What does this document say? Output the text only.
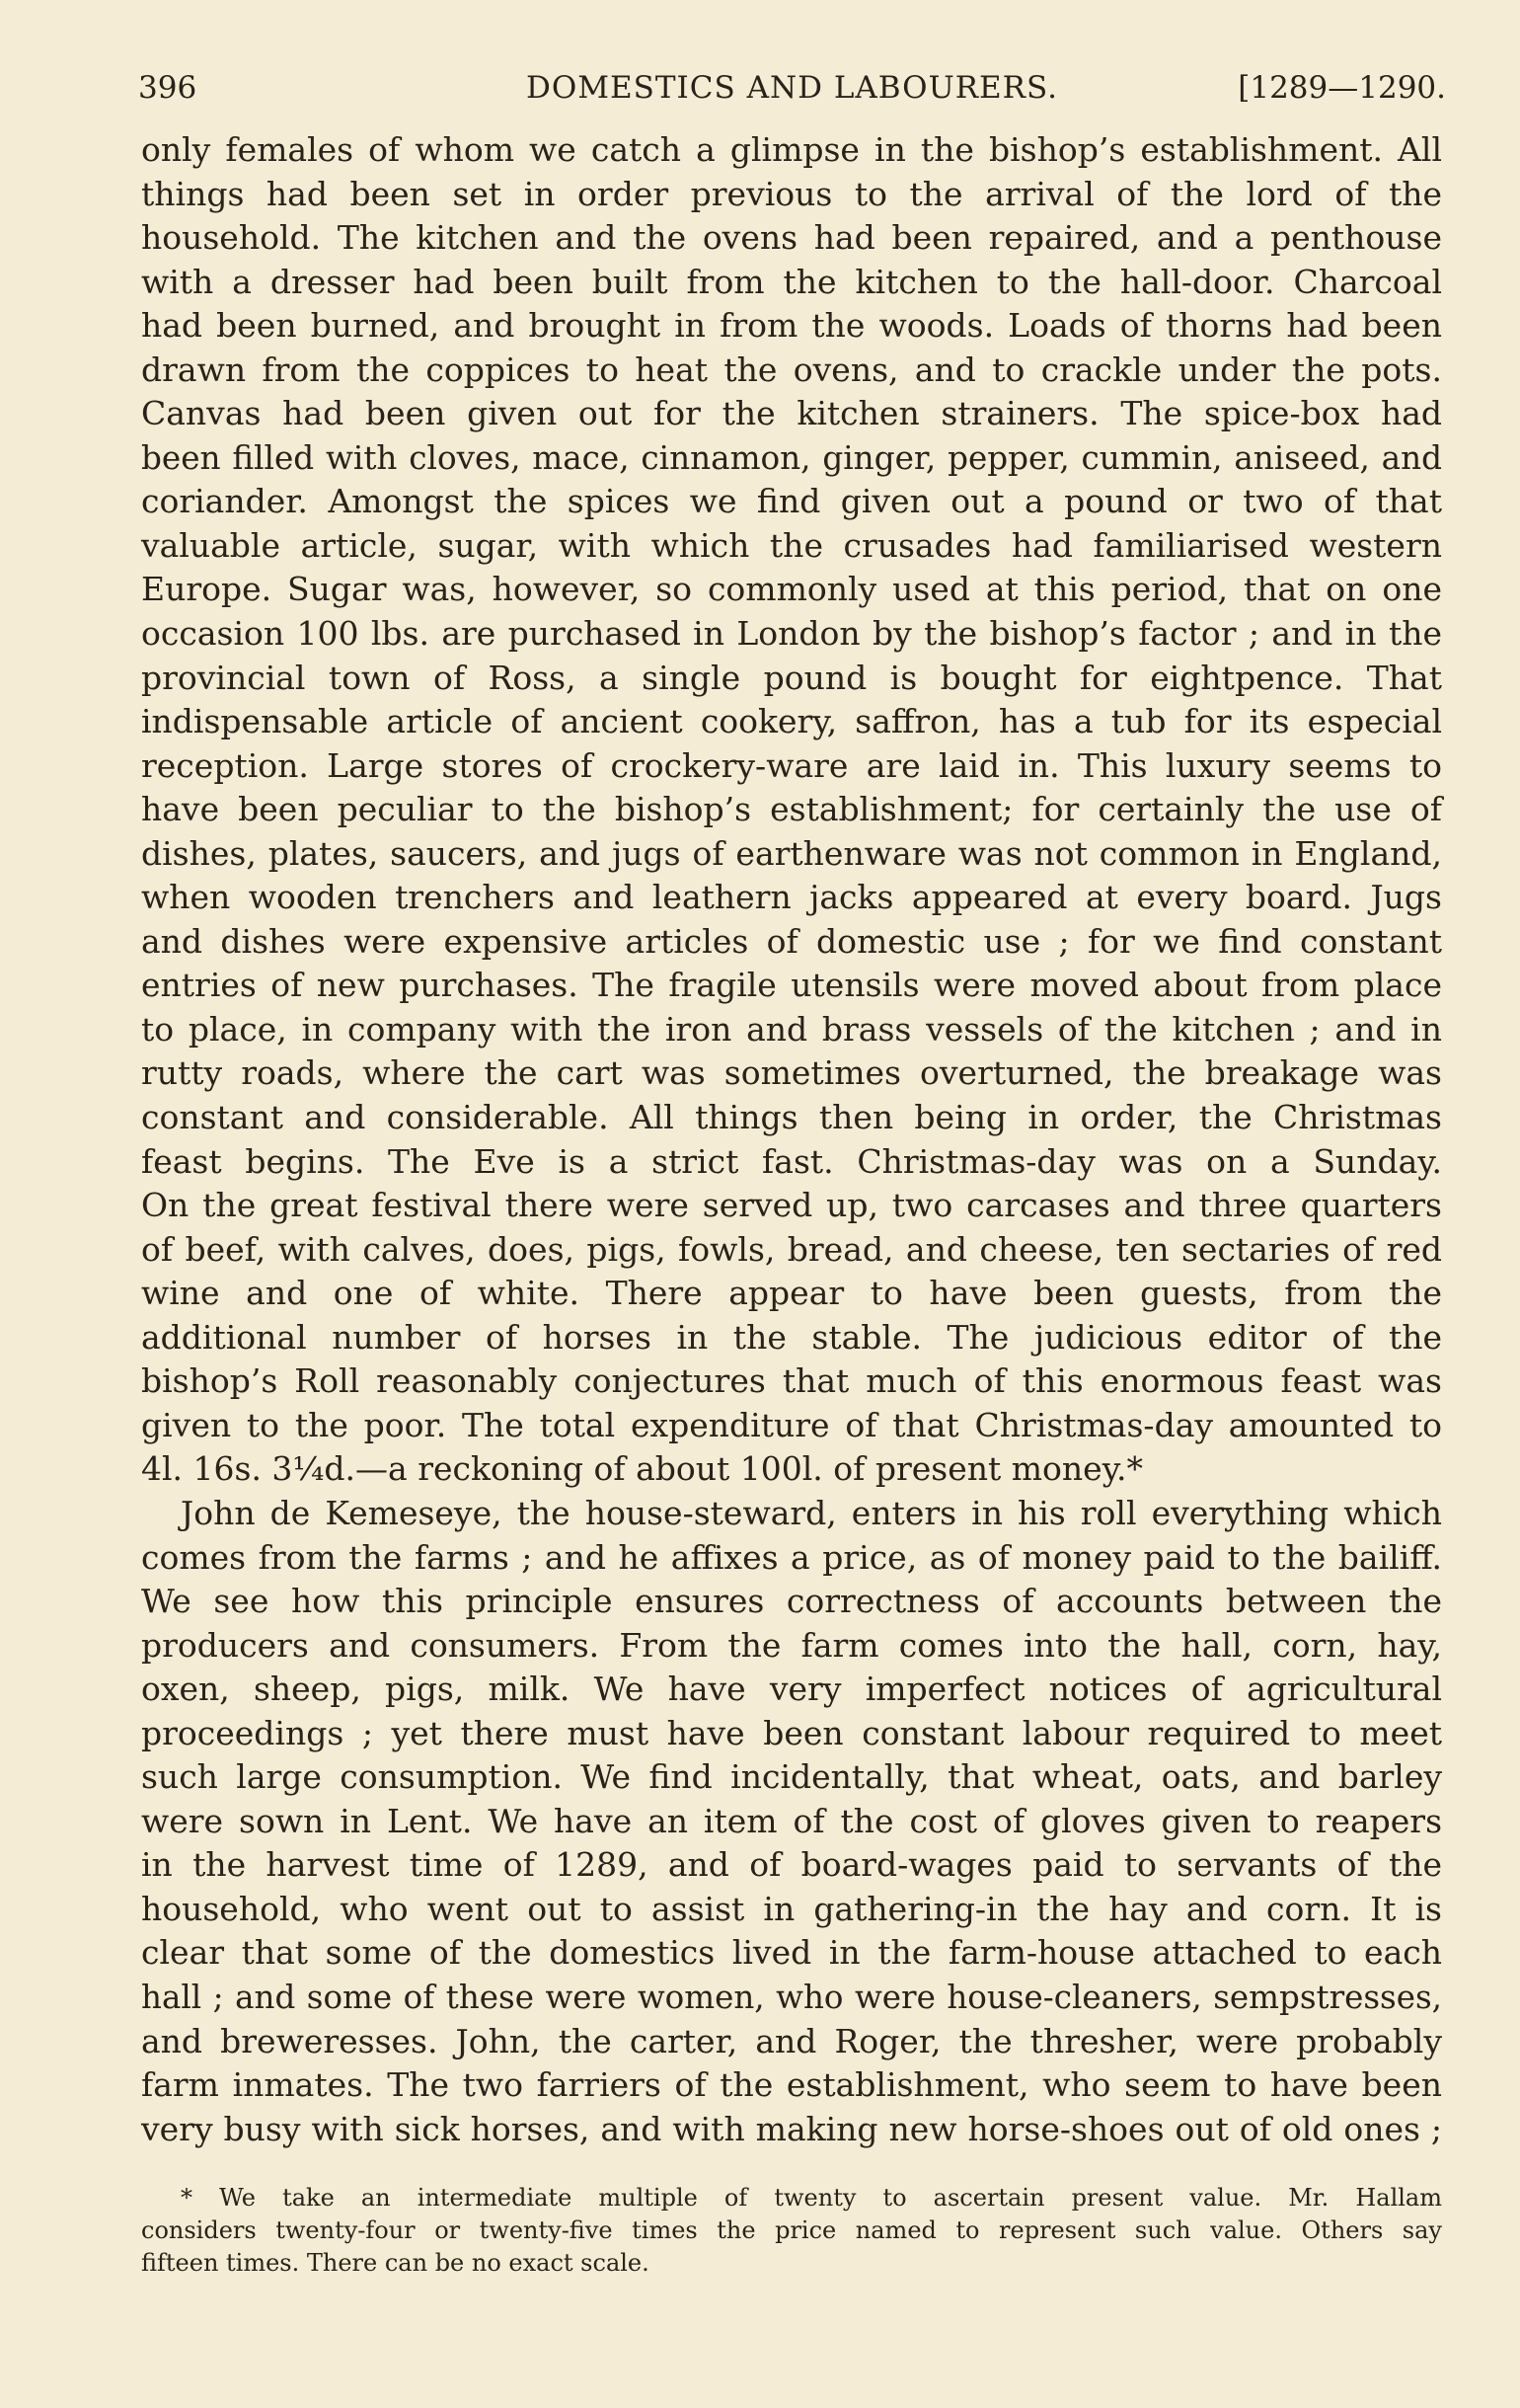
396	DOMESTICS AND LABOURERS.	[1289—1290.
only females of whom we catch a glimpse in the bishop’s establishment. All
things had been set in order previous to the arrival of the lord of the
household. The kitchen and the ovens had been repaired, and a penthouse
with a dresser had been built from the kitchen to the hall-door. Charcoal
had been burned, and brought in from the woods. Loads of thorns had been
drawn from the coppices to heat the ovens, and to crackle under the pots.
Canvas had been given out for the kitchen strainers. The spice-box had
been filled with cloves, mace, cinnamon, ginger, pepper, cummin, aniseed, and
coriander. Amongst the spices we find given out a pound or two of that
valuable article, sugar, with which the crusades had familiarised western
Europe. Sugar was, however, so commonly used at this period, that on one
occasion 100 lbs. are purchased in London by the bishop’s factor ; and in the
provincial town of Ross, a single pound is bought for eightpence. That
indispensable article of ancient cookery, saffron, has a tub for its especial
reception. Large stores of crockery-ware are laid in. This luxury seems to
have been peculiar to the bishop’s establishment; for certainly the use of
dishes, plates, saucers, and jugs of earthenware was not common in England,
when wooden trenchers and leathern jacks appeared at every board. Jugs
and dishes were expensive articles of domestic use ; for we find constant
entries of new purchases. The fragile utensils were moved about from place
to place, in company with the iron and brass vessels of the kitchen ; and in
rutty roads, where the cart was sometimes overturned, the breakage was
constant and considerable. All things then being in order, the Christmas
feast begins. The Eve is a strict fast. Christmas-day was on a Sunday.
On the great festival there were served up, two carcases and three quarters
of beef, with calves, does, pigs, fowls, bread, and cheese, ten sectaries of red
wine and one of white. There appear to have been guests, from the
additional number of horses in the stable. The judicious editor of the
bishop’s Roll reasonably conjectures that much of this enormous feast was
given to the poor. The total expenditure of that Christmas-day amounted to
4l. 16s. 3¼d.—a reckoning of about 100l. of present money.*
John de Kemeseye, the house-steward, enters in his roll everything which
comes from the farms ; and he affixes a price, as of money paid to the bailiff.
We see how this principle ensures correctness of accounts between the
producers and consumers. From the farm comes into the hall, corn, hay,
oxen, sheep, pigs, milk. We have very imperfect notices of agricultural
proceedings ; yet there must have been constant labour required to meet
such large consumption. We find incidentally, that wheat, oats, and barley
were sown in Lent. We have an item of the cost of gloves given to reapers
in the harvest time of 1289, and of board-wages paid to servants of the
household, who went out to assist in gathering-in the hay and corn. It is
clear that some of the domestics lived in the farm-house attached to each
hall ; and some of these were women, who were house-cleaners, sempstresses,
and breweresses. John, the carter, and Roger, the thresher, were probably
farm inmates. The two farriers of the establishment, who seem to have been
very busy with sick horses, and with making new horse-shoes out of old ones ;
* We take an intermediate multiple of twenty to ascertain present value. Mr. Hallam
considers twenty-four or twenty-five times the price named to represent such value. Others say
fifteen times. There can be no exact scale.
